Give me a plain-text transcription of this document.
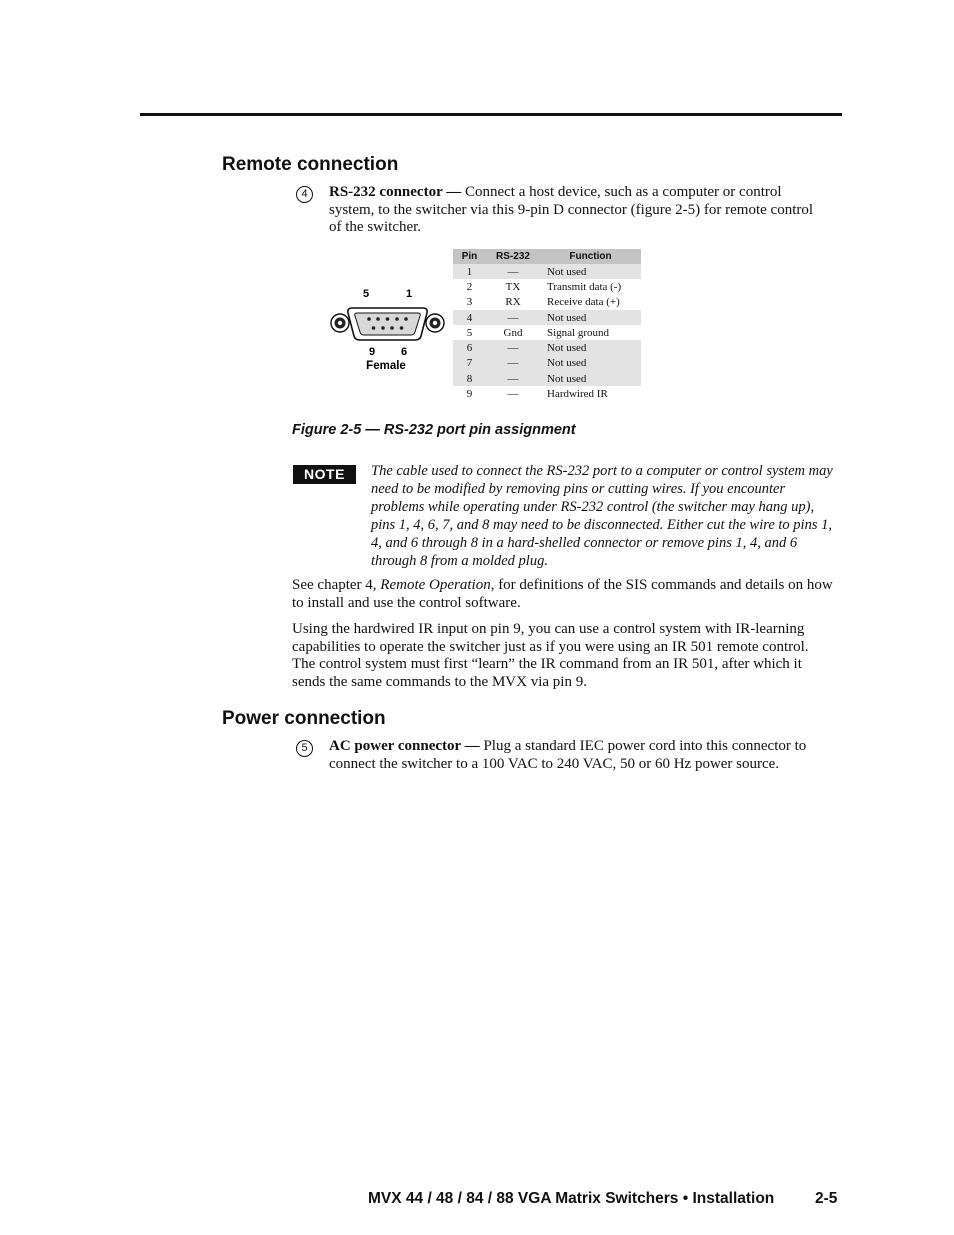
Remote connection
4	RS-232 connector — Connect a host device, such as a computer or control system, to the switcher via this 9-pin D connector (figure 2-5) for remote control of the switcher.
5	1
9 6
Female
Pin	RS-232	Function
1	—	Not used
2	TX	Transmit data (-)
3	RX	Receive data (+)
4	—	Not used
5	Gnd	Signal ground
6	—	Not used
7	—	Not used
8	—	Not used
9	—	Hardwired IR
Figure 2-5 — RS-232 port pin assignment
NOTE	The cable used to connect the RS-232 port to a computer or control system may need to be modified by removing pins or cutting wires. If you encounter problems while operating under RS-232 control (the switcher may hang up), pins 1, 4, 6, 7, and 8 may need to be disconnected. Either cut the wire to pins 1, 4, and 6 through 8 in a hard-shelled connector or remove pins 1, 4, and 6 through 8 from a molded plug.
See chapter 4, Remote Operation, for definitions of the SIS commands and details on how to install and use the control software.
Using the hardwired IR input on pin 9, you can use a control system with IR-learning capabilities to operate the switcher just as if you were using an IR 501 remote control. The control system must first “learn” the IR command from an IR 501, after which it sends the same commands to the MVX via pin 9.
Power connection
5	AC power connector — Plug a standard IEC power cord into this connector to connect the switcher to a 100 VAC to 240 VAC, 50 or 60 Hz power source.
MVX 44 / 48 / 84 / 88 VGA Matrix Switchers • Installation	2-5
